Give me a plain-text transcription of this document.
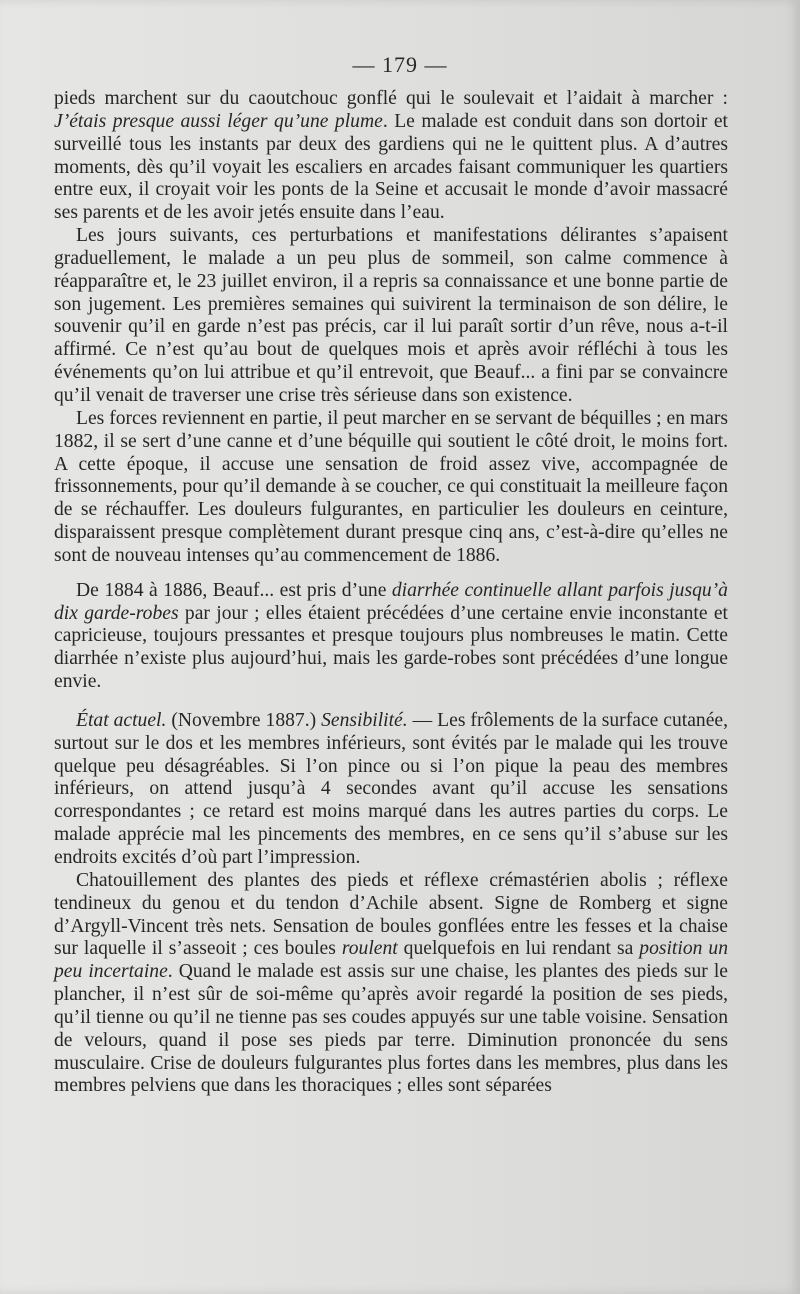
— 179 —

pieds marchent sur du caoutchouc gonflé qui le soulevait et l’aidait à marcher : J’étais presque aussi léger qu’une plume. Le malade est conduit dans son dortoir et surveillé tous les instants par deux des gardiens qui ne le quittent plus. A d’autres moments, dès qu’il voyait les escaliers en arcades faisant communiquer les quartiers entre eux, il croyait voir les ponts de la Seine et accusait le monde d’avoir massacré ses parents et de les avoir jetés ensuite dans l’eau.

Les jours suivants, ces perturbations et manifestations délirantes s’apaisent graduellement, le malade a un peu plus de sommeil, son calme commence à réapparaître et, le 23 juillet environ, il a repris sa connaissance et une bonne partie de son jugement. Les premières semaines qui suivirent la terminaison de son délire, le souvenir qu’il en garde n’est pas précis, car il lui paraît sortir d’un rêve, nous a-t-il affirmé. Ce n’est qu’au bout de quelques mois et après avoir réfléchi à tous les événements qu’on lui attribue et qu’il entrevoit, que Beauf... a fini par se convaincre qu’il venait de traverser une crise très sérieuse dans son existence.

Les forces reviennent en partie, il peut marcher en se servant de béquilles ; en mars 1882, il se sert d’une canne et d’une béquille qui soutient le côté droit, le moins fort. A cette époque, il accuse une sensation de froid assez vive, accompagnée de frissonnements, pour qu’il demande à se coucher, ce qui constituait la meilleure façon de se réchauffer. Les douleurs fulgurantes, en particulier les douleurs en ceinture, disparaissent presque complètement durant presque cinq ans, c’est-à-dire qu’elles ne sont de nouveau intenses qu’au commencement de 1886.

De 1884 à 1886, Beauf... est pris d’une diarrhée continuelle allant parfois jusqu’à dix garde-robes par jour ; elles étaient précédées d’une certaine envie inconstante et capricieuse, toujours pressantes et presque toujours plus nombreuses le matin. Cette diarrhée n’existe plus aujourd’hui, mais les garde-robes sont précédées d’une longue envie.

État actuel. (Novembre 1887.) Sensibilité. — Les frôlements de la surface cutanée, surtout sur le dos et les membres inférieurs, sont évités par le malade qui les trouve quelque peu désagréables. Si l’on pince ou si l’on pique la peau des membres inférieurs, on attend jusqu’à 4 secondes avant qu’il accuse les sensations correspondantes ; ce retard est moins marqué dans les autres parties du corps. Le malade apprécie mal les pincements des membres, en ce sens qu’il s’abuse sur les endroits excités d’où part l’impression.

Chatouillement des plantes des pieds et réflexe crémastérien abolis ; réflexe tendineux du genou et du tendon d’Achile absent. Signe de Romberg et signe d’Argyll-Vincent très nets. Sensation de boules gonflées entre les fesses et la chaise sur laquelle il s’asseoit ; ces boules roulent quelquefois en lui rendant sa position un peu incertaine. Quand le malade est assis sur une chaise, les plantes des pieds sur le plancher, il n’est sûr de soi-même qu’après avoir regardé la position de ses pieds, qu’il tienne ou qu’il ne tienne pas ses coudes appuyés sur une table voisine. Sensation de velours, quand il pose ses pieds par terre. Diminution prononcée du sens musculaire. Crise de douleurs fulgurantes plus fortes dans les membres, plus dans les membres pelviens que dans les thoraciques ; elles sont séparées
